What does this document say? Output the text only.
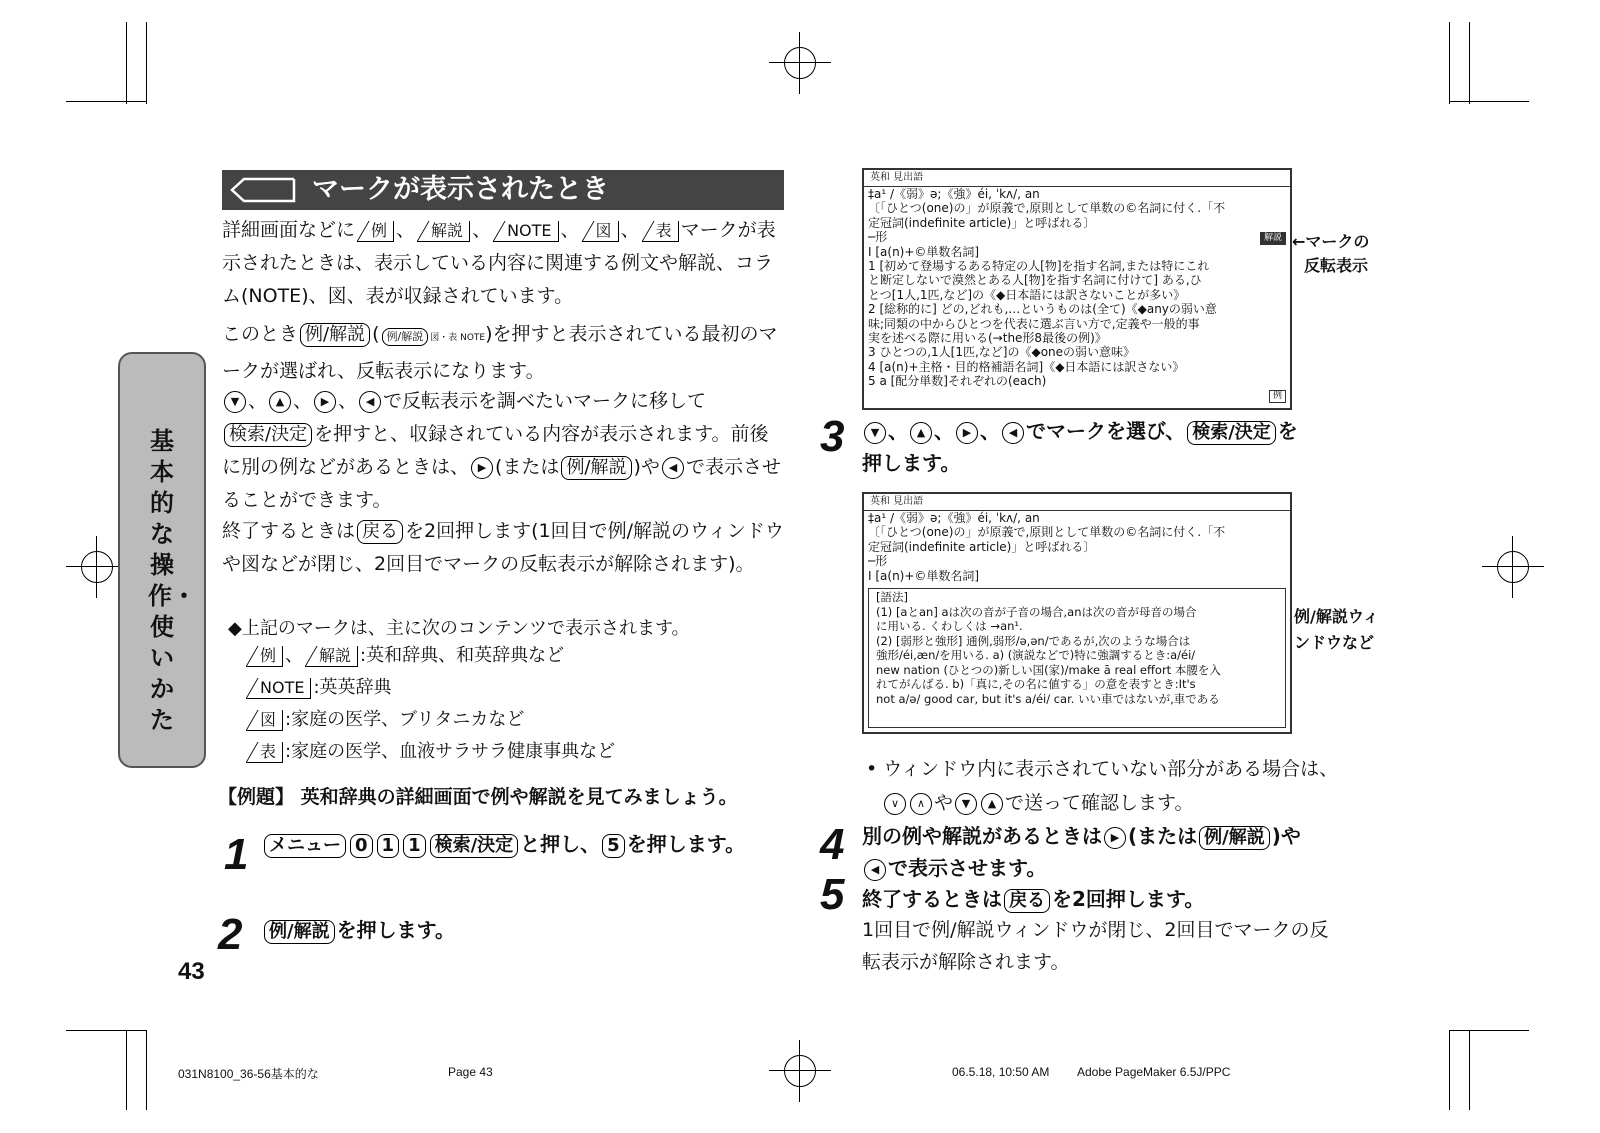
マークが表示されたとき
詳細画面などに 例 、 解説 、 NOTE 、 図 、 表 マークが表示されたときは、表示している内容に関連する例文や解説、コラム(NOTE)、図、表が収録されています。
このとき 例/解説 ( 例/解説 図・表 NOTE)を押すと表示されている最初のマークが選ばれ、反転表示になります。
▼ 、 ▲ 、 ▶ 、 ◀ で反転表示を調べたいマークに移して検索/決定 を押すと、収録されている内容が表示されます。前後に別の例などがあるときは、 ▶ (または 例/解説 )や ◀ で表示させることができます。
終了するときは 戻る を2回押します(1回目で例/解説のウィンドウや図などが閉じ、2回目でマークの反転表示が解除されます)。
◆上記のマークは、主に次のコンテンツで表示されます。
例 、 解説 :英和辞典、和英辞典など
NOTE :英英辞典
図 :家庭の医学、ブリタニカなど
表 :家庭の医学、血液サラサラ健康事典など
基本的な操作・使いかた
【例題】 英和辞典の詳細画面で例や解説を見てみましょう。
1	メニュー 0 1 1 検索/決定 と押し、 5 を押します。
2	例/解説 を押します。
43
英和 見出語
‡a¹ /《弱》ə;《強》éi, ˈkʌ/, an
〔「ひとつ(one)の」が原義で,原則として単数の©名詞に付く.「不
定冠詞(indefinite article)」と呼ばれる〕
─形
Ⅰ [a(n)+©単数名詞]
1 [初めて登場するある特定の人[物]を指す名詞,または特にこれ
と断定しないで漠然とある人[物]を指す名詞に付けて] ある,ひ
とつ[1人,1匹,など]の《◆日本語には訳さないことが多い》
2 [総称的に] どの,どれも,…というものは(全て)《◆anyの弱い意
味;同類の中からひとつを代表に選ぶ言い方で,定義や一般的事
実を述べる際に用いる(→the形8最後の例)》
3 ひとつの,1人[1匹,など]の《◆oneの弱い意味》
4 [a(n)+主格・目的格補語名詞]《◆日本語には訳さない》
5 a [配分単数]それぞれの(each)
解説
例
←マークの
反転表示
3	▼ 、 ▲ 、 ▶ 、 ◀ でマークを選び、 検索/決定 を
押します。
英和 見出語
‡a¹ /《弱》ə;《強》éi, ˈkʌ/, an
〔「ひとつ(one)の」が原義で,原則として単数の©名詞に付く.「不
定冠詞(indefinite article)」と呼ばれる〕
─形
Ⅰ [a(n)+©単数名詞]
[語法]
(1) [aとan] aは次の音が子音の場合,anは次の音が母音の場合
に用いる. くわしくは →an¹.
(2) [弱形と強形] 通例,弱形/ə,ən/であるが,次のような場合は
強形/éi,æn/を用いる. a) (演説などで)特に強調するとき:a/éi/
new nation (ひとつの)新しい国(家)/make ā real effort 本腰を入
れてがんばる. b)「真に,その名に値する」の意を表すとき:It's
not a/ə/ good car, but it's a/éi/ car. いい車ではないが,車である
例/解説ウィ
ンドウなど
• ウィンドウ内に表示されていない部分がある場合は、
∨ ∧ や ▼ ▲ で送って確認します。
4 別の例や解説があるときは ▶ (または 例/解説 )や
◀ で表示させます。
5 終了するときは 戻る を2回押します。
1回目で例/解説ウィンドウが閉じ、2回目でマークの反
転表示が解除されます。
031N8100_36-56基本的な	Page 43	06.5.18, 10:50 AM Adobe PageMaker 6.5J/PPC
